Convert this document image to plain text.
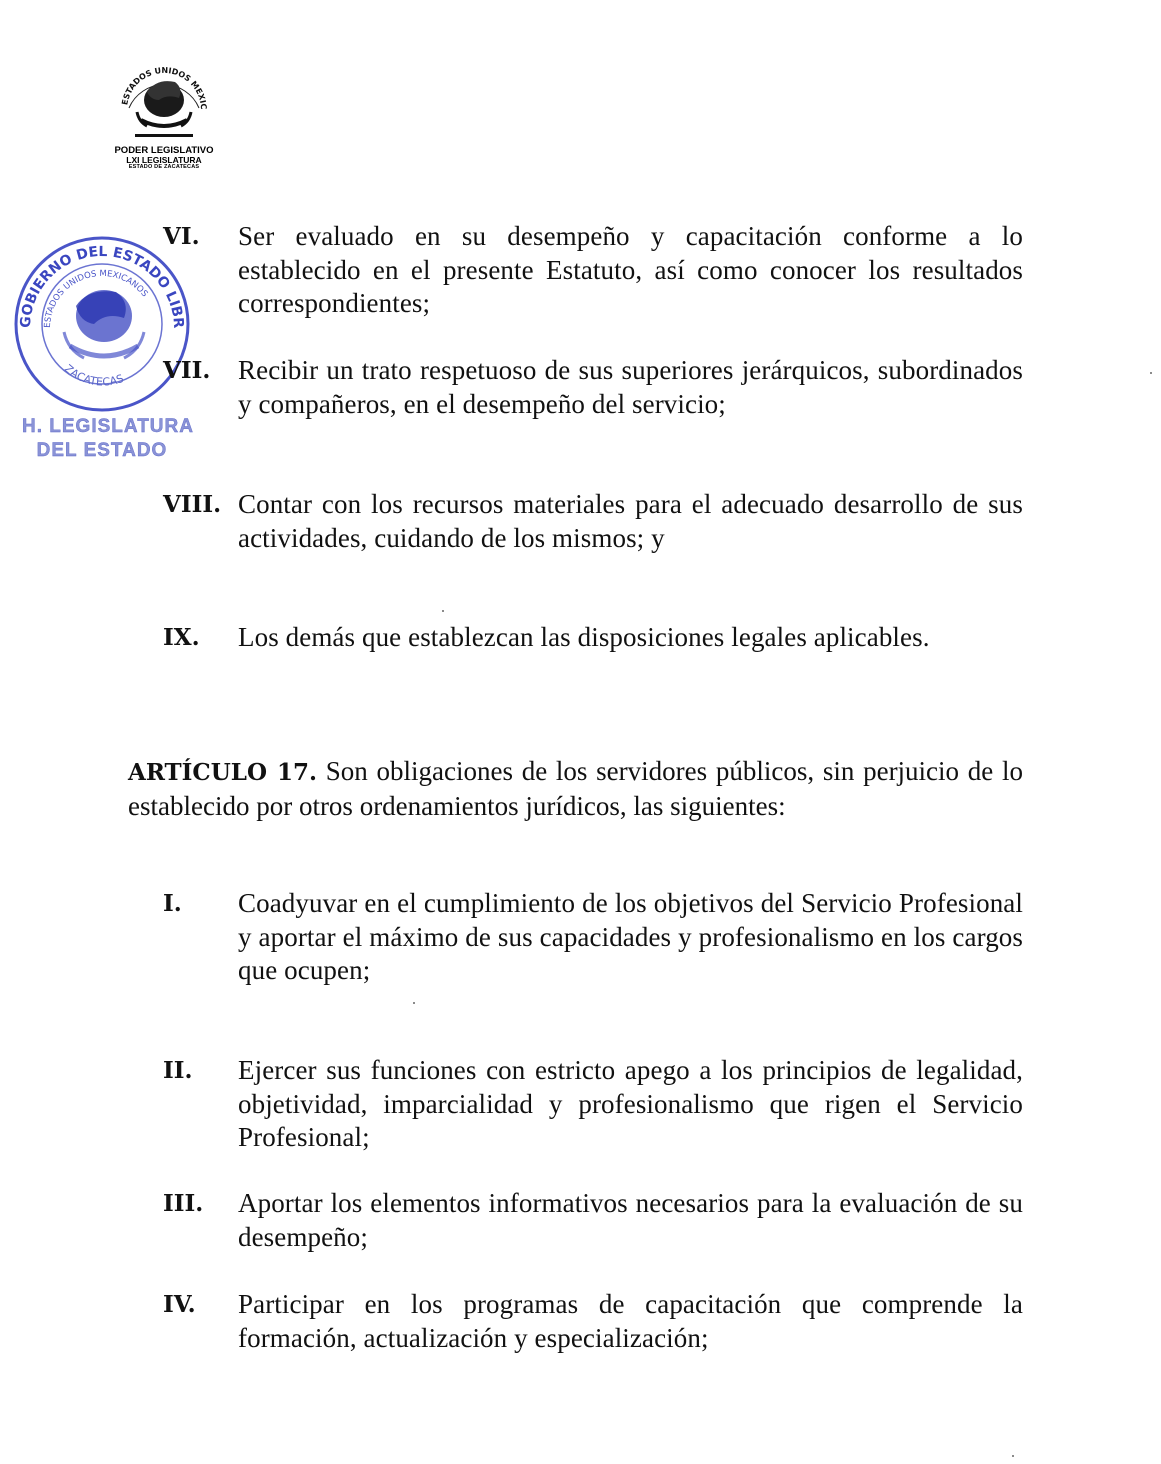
ESTADOS UNIDOS MEXIC
PODER LEGISLATIVO
LXI LEGISLATURA
ESTADO DE ZACATECAS
GOBIERNO DEL ESTADO LIBR
ESTADOS UNIDOS MEXICANOS
ZACATECAS
H. LEGISLATURA
DEL ESTADO
VI. Ser evaluado en su desempeño y capacitación conforme a lo establecido en el presente Estatuto, así como conocer los resultados correspondientes;
VII. Recibir un trato respetuoso de sus superiores jerárquicos, subordinados y compañeros, en el desempeño del servicio;
VIII. Contar con los recursos materiales para el adecuado desarrollo de sus actividades, cuidando de los mismos; y
IX. Los demás que establezcan las disposiciones legales aplicables.
ARTÍCULO 17. Son obligaciones de los servidores públicos, sin perjuicio de lo establecido por otros ordenamientos jurídicos, las siguientes:
I. Coadyuvar en el cumplimiento de los objetivos del Servicio Profesional y aportar el máximo de sus capacidades y profesionalismo en los cargos que ocupen;
II. Ejercer sus funciones con estricto apego a los principios de legalidad, objetividad, imparcialidad y profesionalismo que rigen el Servicio Profesional;
III. Aportar los elementos informativos necesarios para la evaluación de su desempeño;
IV. Participar en los programas de capacitación que comprende la formación, actualización y especialización;
